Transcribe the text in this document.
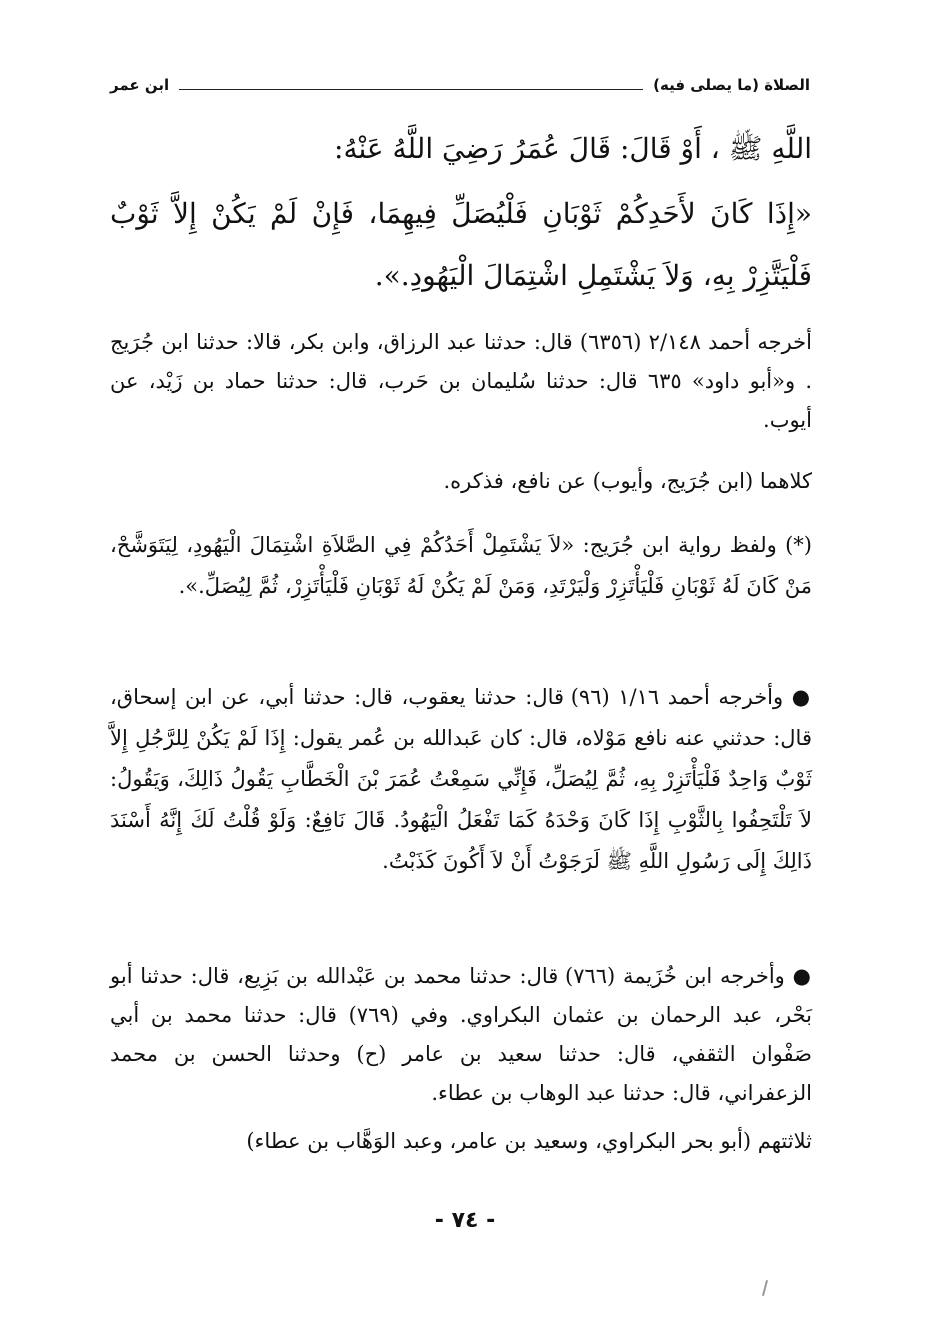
الصلاة (ما يصلى فيه)
ابن عمر
اللَّهِ ﷺ ، أَوْ قَالَ: قَالَ عُمَرُ رَضِيَ اللَّهُ عَنْهُ:
«إِذَا كَانَ لأَحَدِكُمْ ثَوْبَانِ فَلْيُصَلِّ فِيهِمَا، فَإِنْ لَمْ يَكُنْ إِلاَّ ثَوْبٌ فَلْيَتَّزِرْ بِهِ، وَلاَ يَشْتَمِلِ اشْتِمَالَ الْيَهُودِ.».
أخرجه أحمد ٢/١٤٨ (٦٣٥٦) قال: حدثنا عبد الرزاق، وابن بكر، قالا: حدثنا ابن جُرَيج . و«أبو داود» ٦٣٥ قال: حدثنا سُليمان بن حَرب، قال: حدثنا حماد بن زَيْد، عن أيوب.
كلاهما (ابن جُرَيج، وأيوب) عن نافع، فذكره.
(*) ولفظ رواية ابن جُرَيج: «لاَ يَشْتَمِلْ أَحَدُكُمْ فِي الصَّلاَةِ اشْتِمَالَ الْيَهُودِ، لِيَتَوَشَّحْ، مَنْ كَانَ لَهُ ثَوْبَانِ فَلْيَأْتَزِرْ وَلْيَرْتَدِ، وَمَنْ لَمْ يَكُنْ لَهُ ثَوْبَانِ فَلْيَأْتَزِرْ، ثُمَّ لِيُصَلِّ.».
● وأخرجه أحمد ١/١٦ (٩٦) قال: حدثنا يعقوب، قال: حدثنا أبي، عن ابن إسحاق، قال: حدثني عنه نافع مَوْلاه، قال: كان عَبدالله بن عُمر يقول: إِذَا لَمْ يَكُنْ لِلرَّجُلِ إِلاَّ ثَوْبٌ وَاحِدٌ فَلْيَأْتَزِرْ بِهِ، ثُمَّ لِيُصَلِّ، فَإِنِّي سَمِعْتُ عُمَرَ بْنَ الْخَطَّابِ يَقُولُ ذَالِكَ، وَيَقُولُ: لاَ تَلْتَحِفُوا بِالثَّوْبِ إِذَا كَانَ وَحْدَهُ كَمَا تَفْعَلُ الْيَهُودُ. قَالَ نَافِعٌ: وَلَوْ قُلْتُ لَكَ إِنَّهُ أَسْنَدَ ذَالِكَ إِلَى رَسُولِ اللَّهِ ﷺ لَرَجَوْتُ أَنْ لاَ أَكُونَ كَذَبْتُ.
● وأخرجه ابن خُزَيمة (٧٦٦) قال: حدثنا محمد بن عَبْدالله بن بَزِيع، قال: حدثنا أبو بَحْر، عبد الرحمان بن عثمان البكراوي. وفي (٧٦٩) قال: حدثنا محمد بن أبي صَفْوان الثقفي، قال: حدثنا سعيد بن عامر (ح) وحدثنا الحسن بن محمد الزعفراني، قال: حدثنا عبد الوهاب بن عطاء.
ثلاثتهم (أبو بحر البكراوي، وسعيد بن عامر، وعبد الوَهَّاب بن عطاء)
- ٧٤ -
